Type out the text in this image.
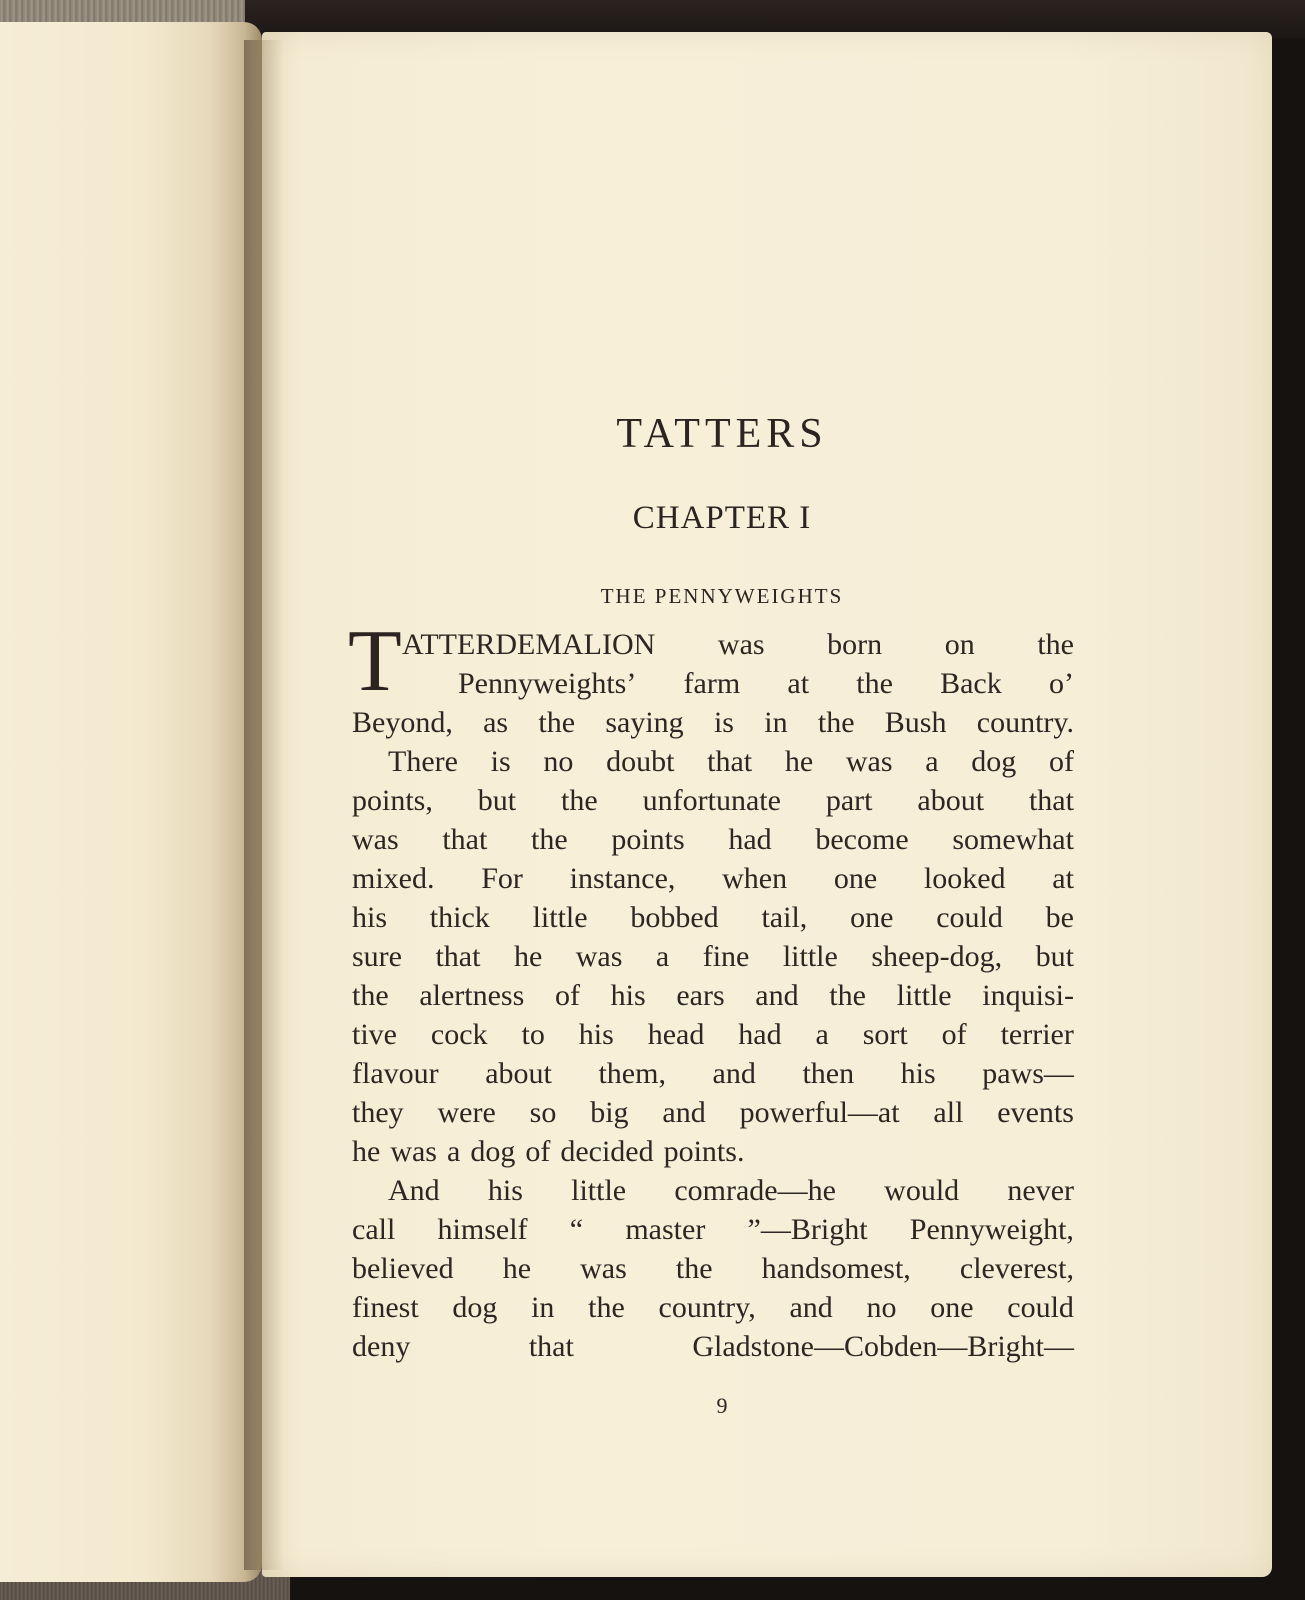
TATTERS
CHAPTER I
THE PENNYWEIGHTS
T ATTERDEMALION was born on the
Pennyweights’ farm at the Back o’
Beyond, as the saying is in the Bush country.
There is no doubt that he was a dog of
points, but the unfortunate part about that
was that the points had become somewhat
mixed. For instance, when one looked at
his thick little bobbed tail, one could be
sure that he was a fine little sheep-dog, but
the alertness of his ears and the little inquisi-
tive cock to his head had a sort of terrier
flavour about them, and then his paws—
they were so big and powerful—at all events
he was a dog of decided points.
And his little comrade—he would never
call himself “ master ”—Bright Pennyweight,
believed he was the handsomest, cleverest,
finest dog in the country, and no one could
deny	that	Gladstone—Cobden—Bright—
9
